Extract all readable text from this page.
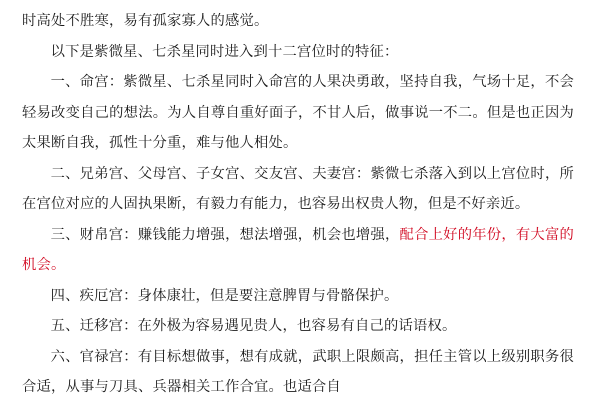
时高处不胜寒，易有孤家寡人的感觉。

以下是紫微星、七杀星同时进入到十二宫位时的特征：

一、命宫：紫微星、七杀星同时入命宫的人果决勇敢，坚持自我，气场十足，不会轻易改变自己的想法。为人自尊自重好面子，不甘人后，做事说一不二。但是也正因为太果断自我，孤性十分重，难与他人相处。

二、兄弟宫、父母宫、子女宫、交友宫、夫妻宫：紫微七杀落入到以上宫位时，所在宫位对应的人固执果断，有毅力有能力，也容易出权贵人物，但是不好亲近。

三、财帛宫：赚钱能力增强，想法增强，机会也增强，配合上好的年份，有大富的机会。

四、疾厄宫：身体康壮，但是要注意脾胃与骨骼保护。

五、迁移宫：在外极为容易遇见贵人，也容易有自己的话语权。

六、官禄宫：有目标想做事，想有成就，武职上限颇高，担任主管以上级别职务很合适，从事与刀具、兵器相关工作合宜。也适合自
